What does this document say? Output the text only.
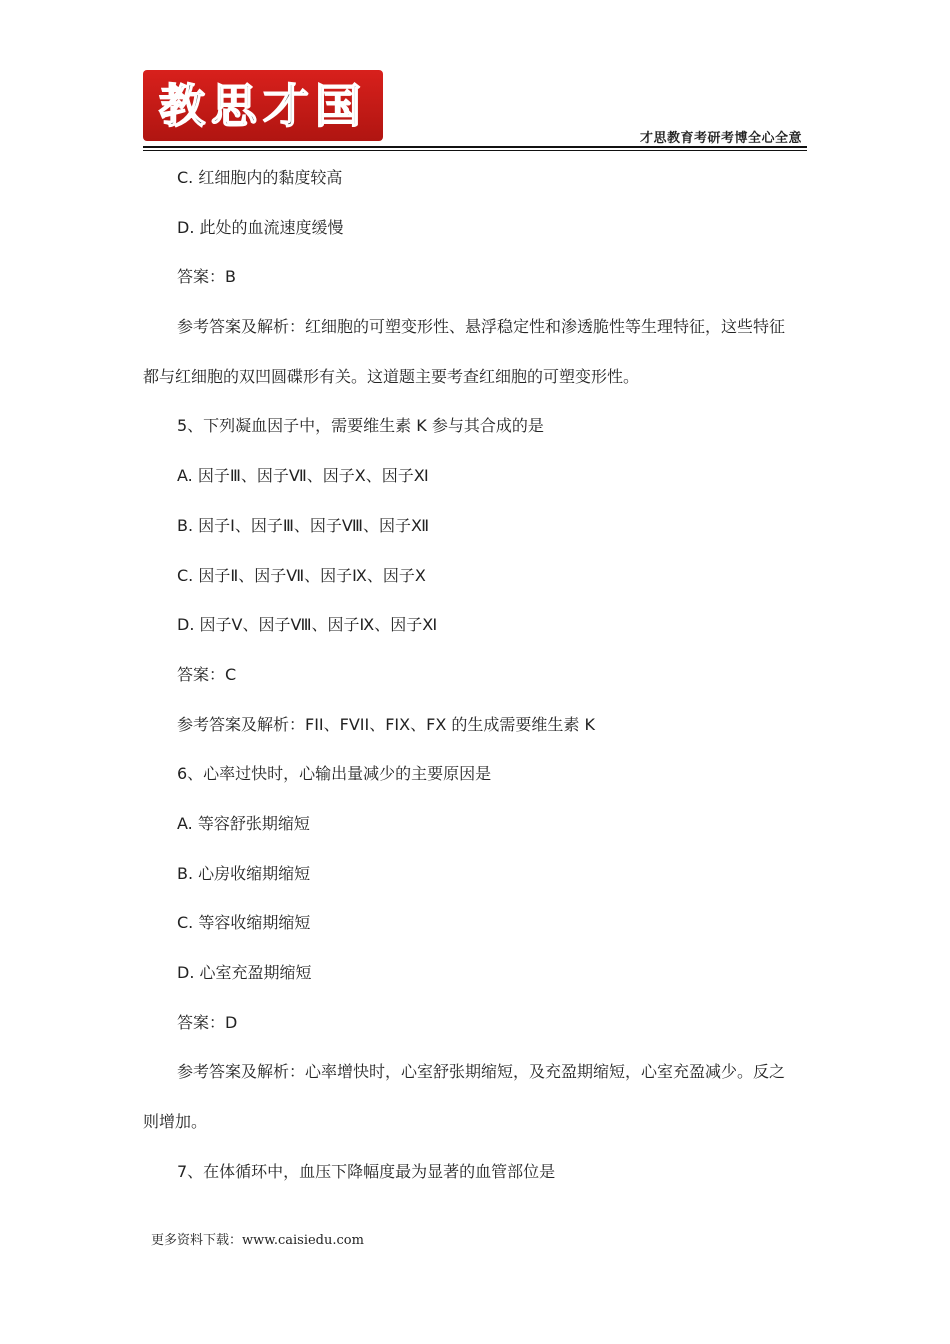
教思才国
才思教育考研考博全心全意
C. 红细胞内的黏度较高
D. 此处的血流速度缓慢
答案：B
参考答案及解析：红细胞的可塑变形性、悬浮稳定性和渗透脆性等生理特征，这些特征
都与红细胞的双凹圆碟形有关。这道题主要考查红细胞的可塑变形性。
5、下列凝血因子中，需要维生素 K 参与其合成的是
A. 因子Ⅲ、因子Ⅶ、因子Ⅹ、因子Ⅺ
B. 因子Ⅰ、因子Ⅲ、因子Ⅷ、因子Ⅻ
C. 因子Ⅱ、因子Ⅶ、因子Ⅸ、因子Ⅹ
D. 因子Ⅴ、因子Ⅷ、因子Ⅸ、因子Ⅺ
答案：C
参考答案及解析：FII、FVII、FIX、FX 的生成需要维生素 K
6、心率过快时，心输出量减少的主要原因是
A. 等容舒张期缩短
B. 心房收缩期缩短
C. 等容收缩期缩短
D. 心室充盈期缩短
答案：D
参考答案及解析：心率增快时，心室舒张期缩短，及充盈期缩短，心室充盈减少。反之
则增加。
7、在体循环中，血压下降幅度最为显著的血管部位是
更多资料下载：www.caisiedu.com
